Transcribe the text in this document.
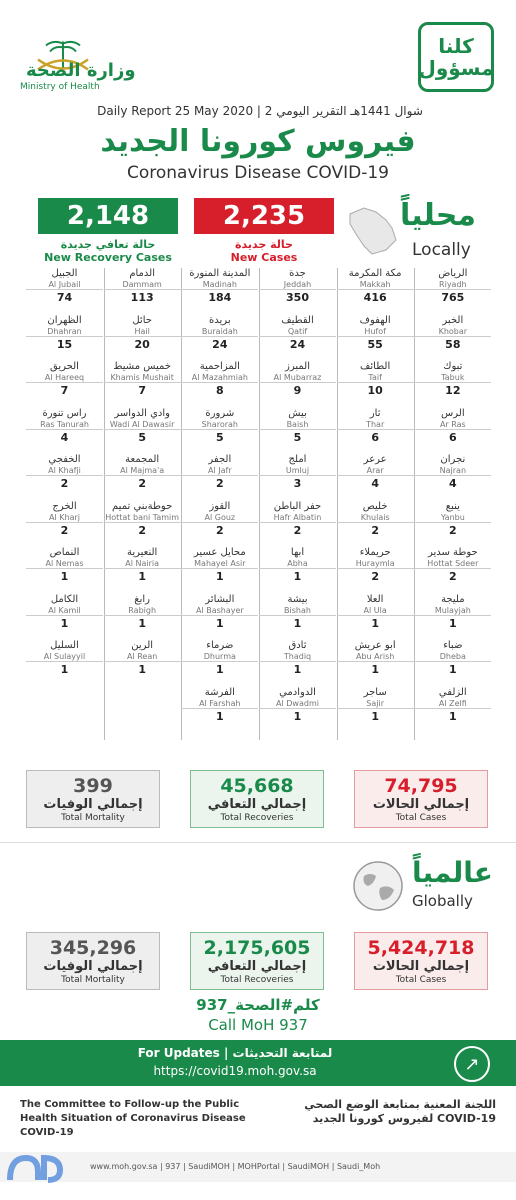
وزارة الصحة
Ministry of Health
كلنا
مسؤول
Daily Report 25 May 2020 | 2 شوال 1441هـ التقرير اليومي
فيروس كورونا الجديد
Coronavirus Disease COVID-19
2,148
حالة تعافي جديدة
New Recovery Cases
2,235
حالة جديدة
New Cases
محلياً
Locally
الرياض
Riyadh
765
الخبر
Khobar
58
تبوك
Tabuk
12
الرس
Ar Ras
6
نجران
Najran
4
ينبع
Yanbu
2
حوطة سدير
Hottat Sdeer
2
مليجة
Mulayjah
1
ضباء
Dheba
1
الزلفي
Al Zelfi
1
مكة المكرمة
Makkah
416
الهفوف
Hufof
55
الطائف
Taif
10
ثار
Thar
6
عرعر
Arar
4
خليص
Khulais
2
حريملاء
Huraymla
2
العلا
Al Ula
1
أبو عريش
Abu Arish
1
ساجر
Sajir
1
جدة
Jeddah
350
القطيف
Qatif
24
المبرز
Al Mubarraz
9
بيش
Baish
5
أملج
Umluj
3
حفر الباطن
Hafr Albatin
2
أبها
Abha
1
بيشة
Bishah
1
ثادق
Thadiq
1
الدوادمي
Al Dwadmi
1
المدينة المنورة
Madinah
184
بريدة
Buraidah
24
المزاحمية
Al Mazahmiah
8
شرورة
Sharorah
5
الجفر
Al Jafr
2
القوز
Al Gouz
2
محايل عسير
Mahayel Asir
1
البشائر
Al Bashayer
1
ضرماء
Dhurma
1
الفرشة
Al Farshah
1
الدمام
Dammam
113
حائل
Hail
20
خميس مشيط
Khamis Mushait
7
وادي الدواسر
Wadi Al Dawasir
5
المجمعة
Al Majma'a
2
حوطةبني تميم
Hottat bani Tamim
2
النعيرية
Al Nairia
1
رابغ
Rabigh
1
الرين
Al Rean
1
الجبيل
Al Jubail
74
الظهران
Dhahran
15
الحريق
Al Hareeq
7
راس تنورة
Ras Tanurah
4
الخفجي
Al Khafji
2
الخرج
Al Kharj
2
النماص
Al Nemas
1
الكامل
Al Kamil
1
السليل
Al Sulayyil
1
74,795
إجمالي الحالات
Total Cases
45,668
إجمالي التعافي
Total Recoveries
399
إجمالي الوفيات
Total Mortality
عالمياً
Globally
5,424,718
إجمالي الحالات
Total Cases
2,175,605
إجمالي التعافي
Total Recoveries
345,296
إجمالي الوفيات
Total Mortality
كلم#الصحة_937
Call MoH 937
For Updates | لمتابعة التحديثات
https://covid19.moh.gov.sa	↗
The Committee to Follow-up the Public Health Situation of Coronavirus Disease COVID-19
اللجنة المعنية بمتابعة الوضع الصحي لفيروس كورونا الجديد COVID-19
www.moh.gov.sa | 937 | SaudiMOH | MOHPortal | SaudiMOH | Saudi_Moh
